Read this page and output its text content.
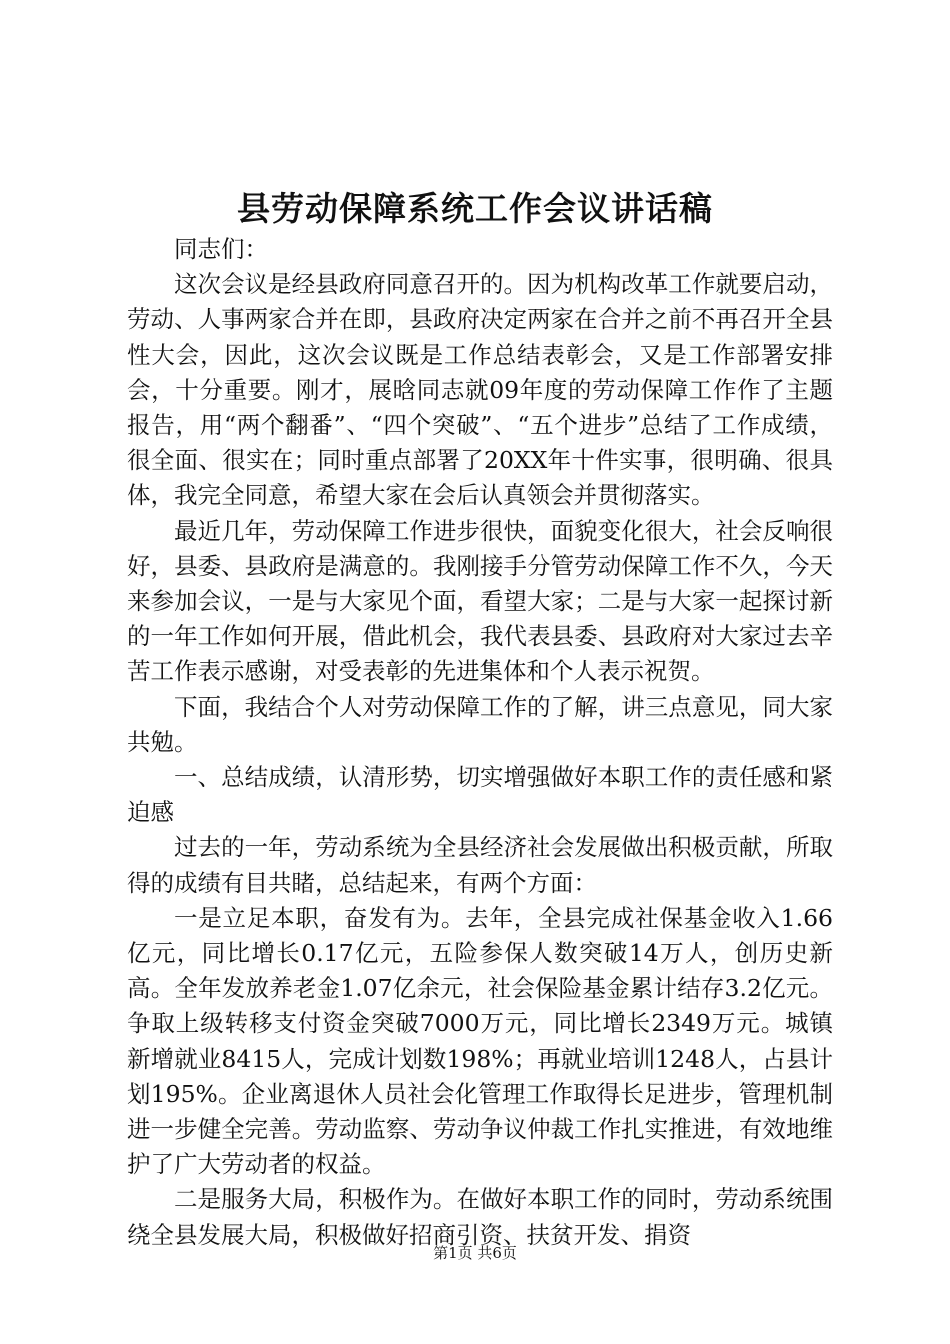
县劳动保障系统工作会议讲话稿

同志们：

这次会议是经县政府同意召开的。因为机构改革工作就要启动，劳动、人事两家合并在即，县政府决定两家在合并之前不再召开全县性大会，因此，这次会议既是工作总结表彰会，又是工作部署安排会，十分重要。刚才，展晗同志就09年度的劳动保障工作作了主题报告，用“两个翻番”、“四个突破”、“五个进步”总结了工作成绩，很全面、很实在；同时重点部署了20XX年十件实事，很明确、很具体，我完全同意，希望大家在会后认真领会并贯彻落实。

最近几年，劳动保障工作进步很快，面貌变化很大，社会反响很好，县委、县政府是满意的。我刚接手分管劳动保障工作不久，今天来参加会议，一是与大家见个面，看望大家；二是与大家一起探讨新的一年工作如何开展，借此机会，我代表县委、县政府对大家过去辛苦工作表示感谢，对受表彰的先进集体和个人表示祝贺。

下面，我结合个人对劳动保障工作的了解，讲三点意见，同大家共勉。

一、总结成绩，认清形势，切实增强做好本职工作的责任感和紧迫感

过去的一年，劳动系统为全县经济社会发展做出积极贡献，所取得的成绩有目共睹，总结起来，有两个方面：

一是立足本职，奋发有为。去年，全县完成社保基金收入1.66亿元，同比增长0.17亿元，五险参保人数突破14万人，创历史新高。全年发放养老金1.07亿余元，社会保险基金累计结存3.2亿元。争取上级转移支付资金突破7000万元，同比增长2349万元。城镇新增就业8415人，完成计划数198%；再就业培训1248人，占县计划195%。企业离退休人员社会化管理工作取得长足进步，管理机制进一步健全完善。劳动监察、劳动争议仲裁工作扎实推进，有效地维护了广大劳动者的权益。

二是服务大局，积极作为。在做好本职工作的同时，劳动系统围绕全县发展大局，积极做好招商引资、扶贫开发、捐资

第1页 共6页
